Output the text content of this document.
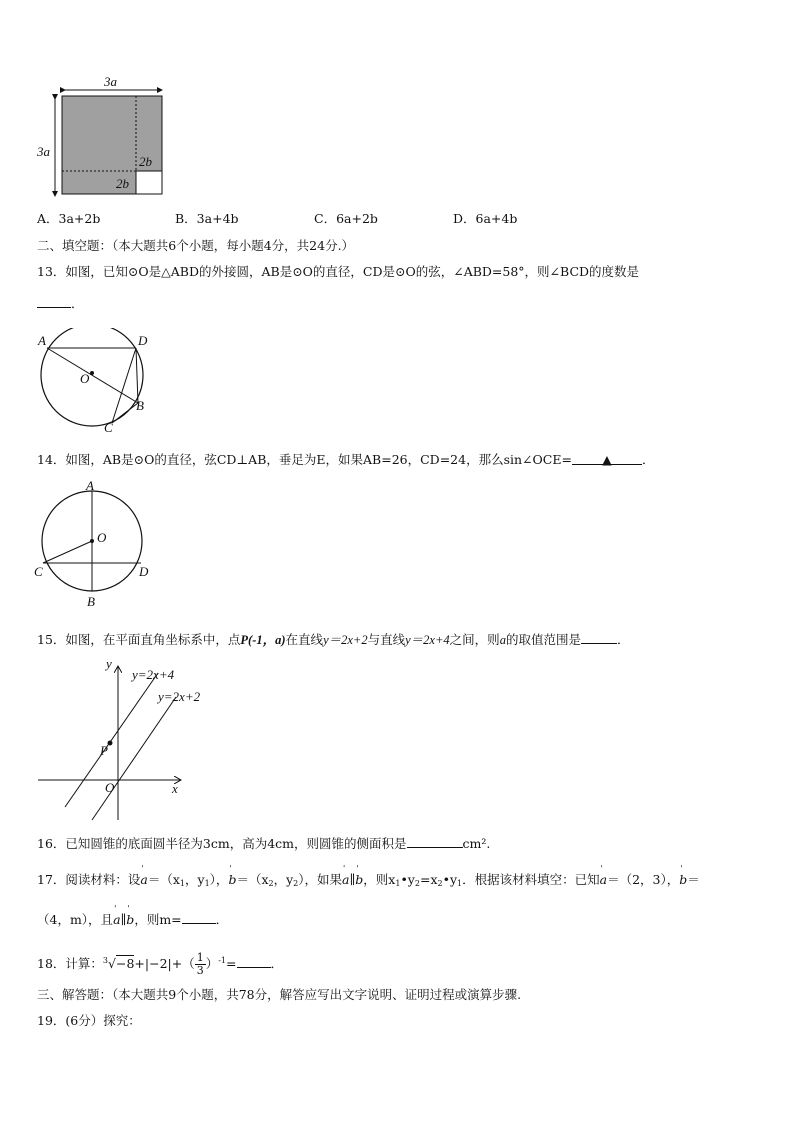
3a
3a
2b
2b
A．3a+2b	B．3a+4b	C．6a+2b	D．6a+4b
二、填空题：（本大题共6个小题，每小题4分，共24分.）
13．如图，已知⊙O是△ABD的外接圆，AB是⊙O的直径，CD是⊙O的弦，∠ABD=58°，则∠BCD的度数是
．
A	D
O
B
C
14．如图，AB是⊙O的直径，弦CD⊥AB，垂足为E，如果AB=26，CD=24，那么sin∠OCE= ▲ ．
A
O
C	D
B
15．如图，在平面直角坐标系中，点P(-1，a)在直线y＝2x+2与直线y＝2x+4之间，则a的取值范围是	．
y
x
O
P
y=2x+4
y=2x+2
16．已知圆锥的底面圆半径为3cm，高为4cm，则圆锥的侧面积是	cm².
17．阅读材料：设' $a=(x_1$，$y_1$），' $b=(x_2$，$y_2$），如果' a∥' b，则$x_1•y_2=x_2•y_1$．根据该材料填空：已知' a＝（2，3），' b＝
（4，m），且' a∥' b，则m=	．
18．计算：$^3√-8+|-2|+( \frac{1}{3} )^{-1}=$	．
三、解答题：（本大题共9个小题，共78分，解答应写出文字说明、证明过程或演算步骤.
19．(6分）探究：
